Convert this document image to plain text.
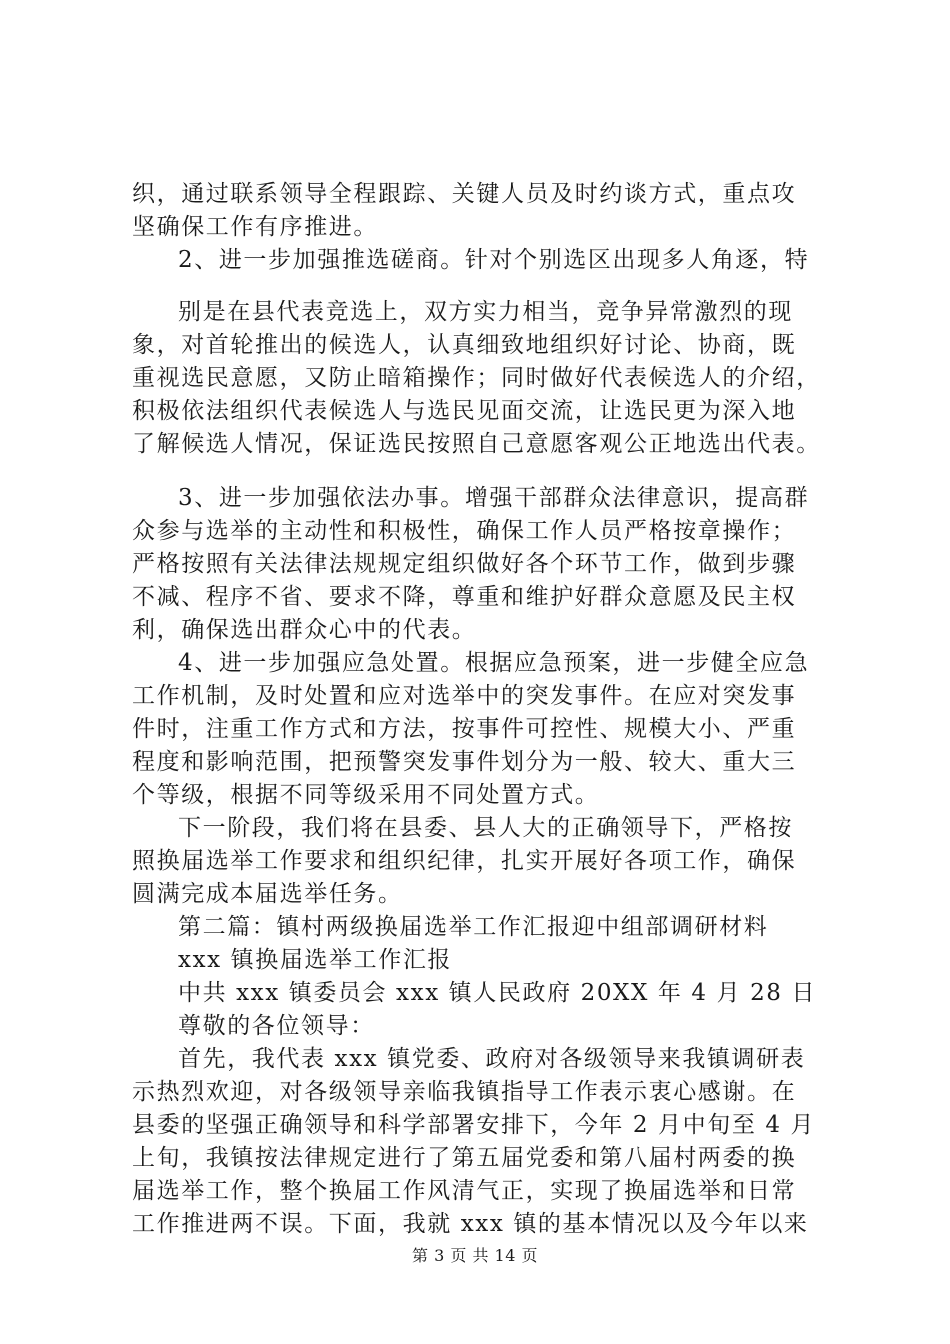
织，通过联系领导全程跟踪、关键人员及时约谈方式，重点攻
坚确保工作有序推进。
2、进一步加强推选磋商。针对个别选区出现多人角逐，特
别是在县代表竞选上，双方实力相当，竞争异常激烈的现
象，对首轮推出的候选人，认真细致地组织好讨论、协商，既
重视选民意愿，又防止暗箱操作；同时做好代表候选人的介绍，
积极依法组织代表候选人与选民见面交流，让选民更为深入地
了解候选人情况，保证选民按照自己意愿客观公正地选出代表。
3、进一步加强依法办事。增强干部群众法律意识，提高群
众参与选举的主动性和积极性，确保工作人员严格按章操作；
严格按照有关法律法规规定组织做好各个环节工作，做到步骤
不减、程序不省、要求不降，尊重和维护好群众意愿及民主权
利，确保选出群众心中的代表。
4、进一步加强应急处置。根据应急预案，进一步健全应急
工作机制，及时处置和应对选举中的突发事件。在应对突发事
件时，注重工作方式和方法，按事件可控性、规模大小、严重
程度和影响范围，把预警突发事件划分为一般、较大、重大三
个等级，根据不同等级采用不同处置方式。
下一阶段，我们将在县委、县人大的正确领导下，严格按
照换届选举工作要求和组织纪律，扎实开展好各项工作，确保
圆满完成本届选举任务。
第二篇：镇村两级换届选举工作汇报迎中组部调研材料
xxx 镇换届选举工作汇报
中共 xxx 镇委员会 xxx 镇人民政府 20XX 年 4 月 28 日
尊敬的各位领导：
首先，我代表 xxx 镇党委、政府对各级领导来我镇调研表
示热烈欢迎，对各级领导亲临我镇指导工作表示衷心感谢。在
县委的坚强正确领导和科学部署安排下，今年 2 月中旬至 4 月
上旬，我镇按法律规定进行了第五届党委和第八届村两委的换
届选举工作，整个换届工作风清气正，实现了换届选举和日常
工作推进两不误。下面，我就 xxx 镇的基本情况以及今年以来
第 3 页 共 14 页
